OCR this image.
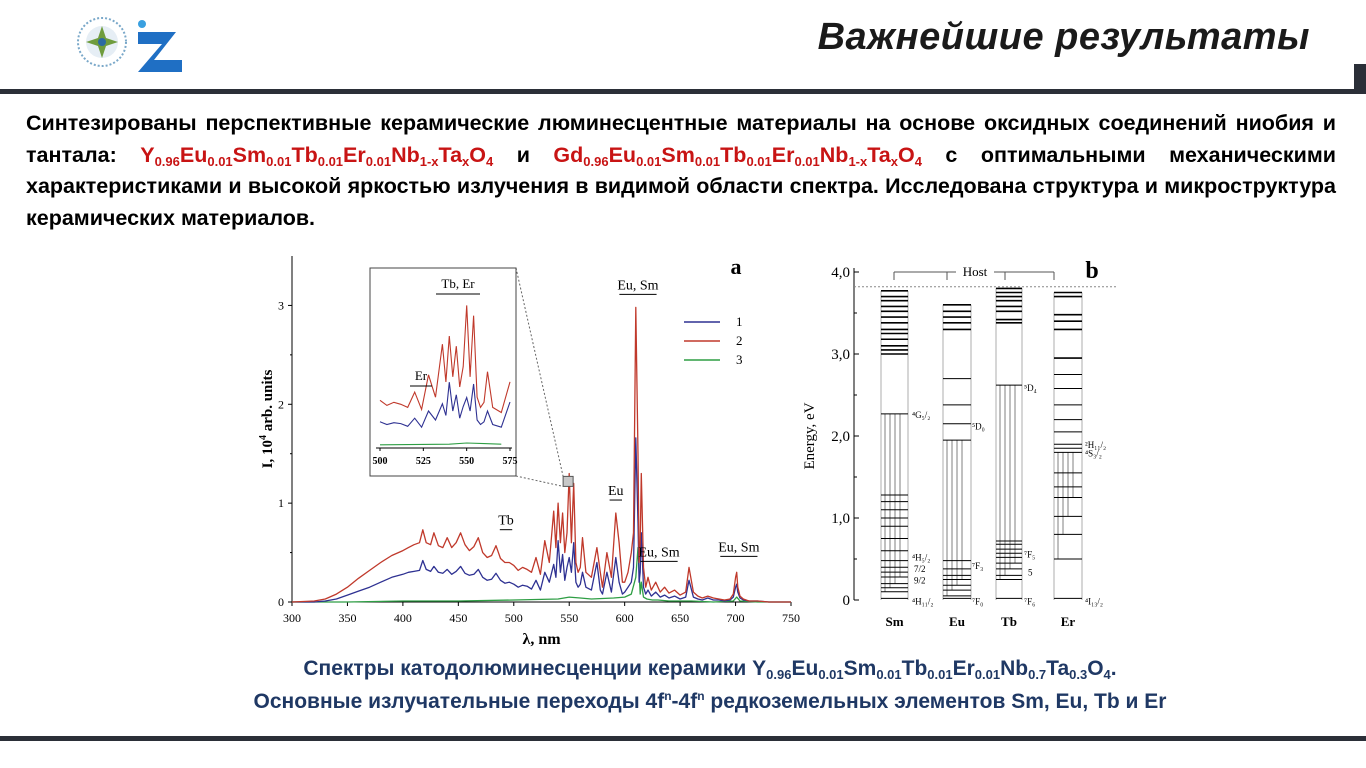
Важнейшие результаты
Синтезированы перспективные керамические люминесцентные материалы на основе оксидных соединений ниобия и тантала: $Y_{0.96}Eu_{0.01}Sm_{0.01}Tb_{0.01}Er_{0.01}Nb_{1-x}Ta_xO_4$ и $Gd_{0.96}Eu_{0.01}Sm_{0.01}Tb_{0.01}Er_{0.01}Nb_{1-x}Ta_xO_4$ с оптимальными механическими характеристиками и высокой яркостью излучения в видимой области спектра. Исследована структура и микроструктура керамических материалов.
300	350	400	450	500	550	600	650	700	750
0
1
2
3
λ, nm
I, $10^4$ arb. units
a
1
2
3
Eu, Sm
Tb
Eu
Eu, Sm	Eu, Sm
500	525	550	575
Tb, Er
Er
0
1,0
2,0
3,0
4,0
Energy, eV
Host	b
Sm	Eu	Tb	Er
⁴G₅/₂
⁴H₅/₂
7/2
9/2
⁴H₁₁/₂
⁵D₀
⁷F₃
⁷F₀
⁵D₄
⁷F₅
5
⁷F₆
⁴S₃/₂
²H₁₁/₂
⁴I₁₃/₂
Спектры катодолюминесценции керамики $Y_{0.96}Eu_{0.01}Sm_{0.01}Tb_{0.01}Er_{0.01}Nb_{0.7}Ta_{0.3}O_4$.
Основные излучательные переходы $4f^n-4f^n$ редкоземельных элементов Sm, Eu, Tb и Er
